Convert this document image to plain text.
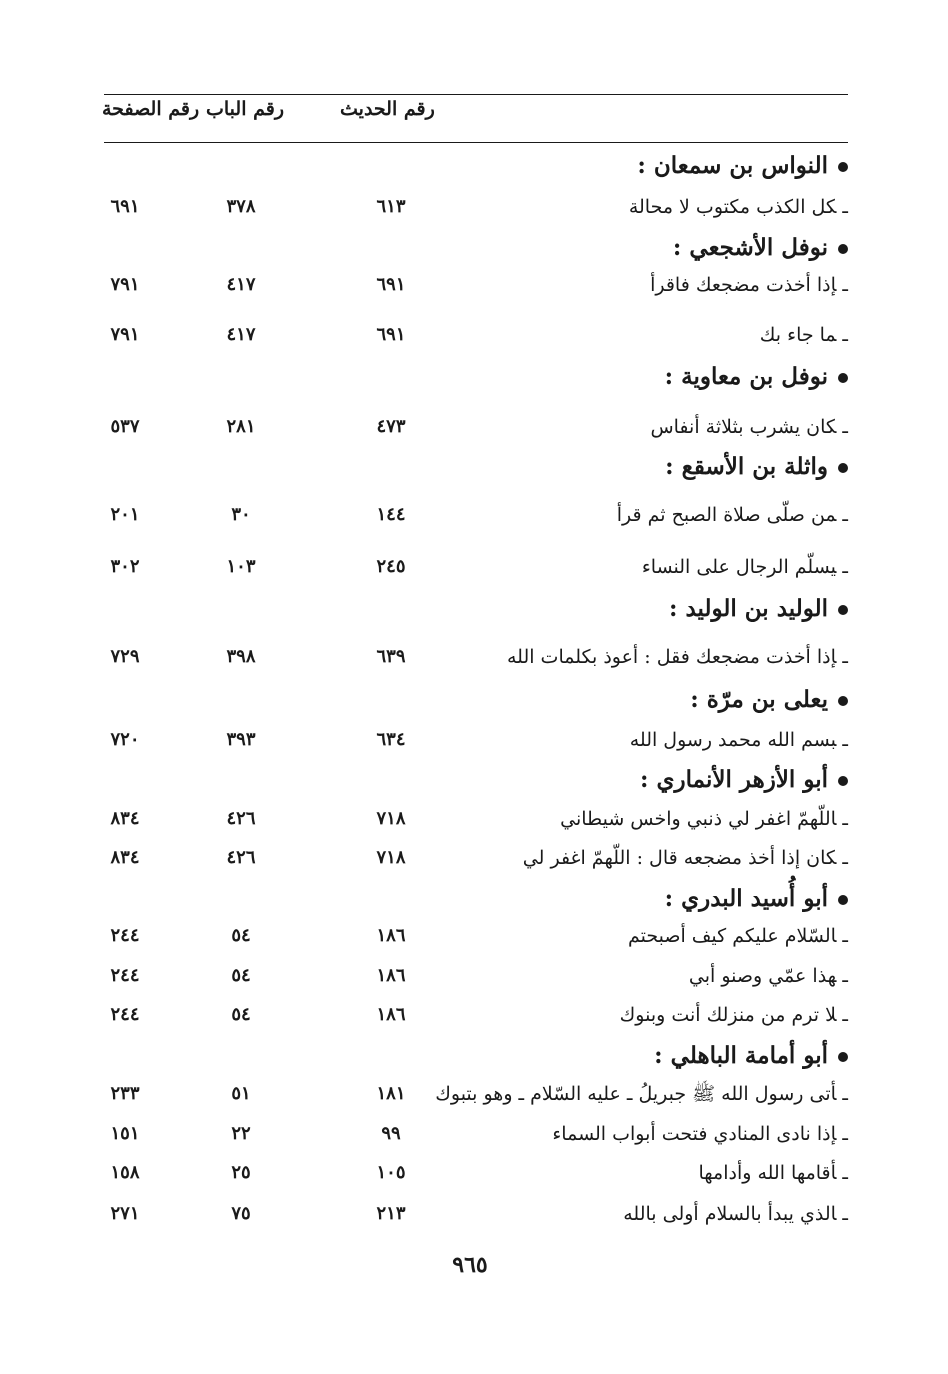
رقم الحديث
رقم الباب
رقم الصفحة
النواس بن سمعان :
ـكل الكذب مكتوب لا محالة
٦١٣
٣٧٨
٦٩١
نوفل الأشجعي :
ـإذا أخذت مضجعك فاقرأ
٦٩١
٤١٧
٧٩١
ـما جاء بك
٦٩١
٤١٧
٧٩١
نوفل بن معاوية :
ـكان يشرب بثلاثة أنفاس
٤٧٣
٢٨١
٥٣٧
واثلة بن الأسقع :
ـمن صلّى صلاة الصبح ثم قرأ
١٤٤
٣٠
٢٠١
ـيسلّم الرجال على النساء
٢٤٥
١٠٣
٣٠٢
الوليد بن الوليد :
ـإذا أخذت مضجعك فقل : أعوذ بكلمات الله
٦٣٩
٣٩٨
٧٢٩
يعلى بن مرّة :
ـبسم الله محمد رسول الله
٦٣٤
٣٩٣
٧٢٠
أبو الأزهر الأنماري :
ـاللّهمّ اغفر لي ذنبي واخس شيطاني
٧١٨
٤٢٦
٨٣٤
ـكان إذا أخذ مضجعه قال : اللّهمّ اغفر لي
٧١٨
٤٢٦
٨٣٤
أبو أُسيد البدري :
ـالسّلام عليكم كيف أصبحتم
١٨٦
٥٤
٢٤٤
ـهذا عمّي وصنو أبي
١٨٦
٥٤
٢٤٤
ـلا ترم من منزلك أنت وبنوك
١٨٦
٥٤
٢٤٤
أبو أمامة الباهلي :
ـأتى رسول الله ﷺ جبريلُ ـ عليه السّلام ـ وهو بتبوك
١٨١
٥١
٢٣٣
ـإذا نادى المنادي فتحت أبواب السماء
٩٩
٢٢
١٥١
ـأقامها الله وأدامها
١٠٥
٢٥
١٥٨
ـالذي يبدأ بالسلام أولى بالله
٢١٣
٧٥
٢٧١
٩٦٥
